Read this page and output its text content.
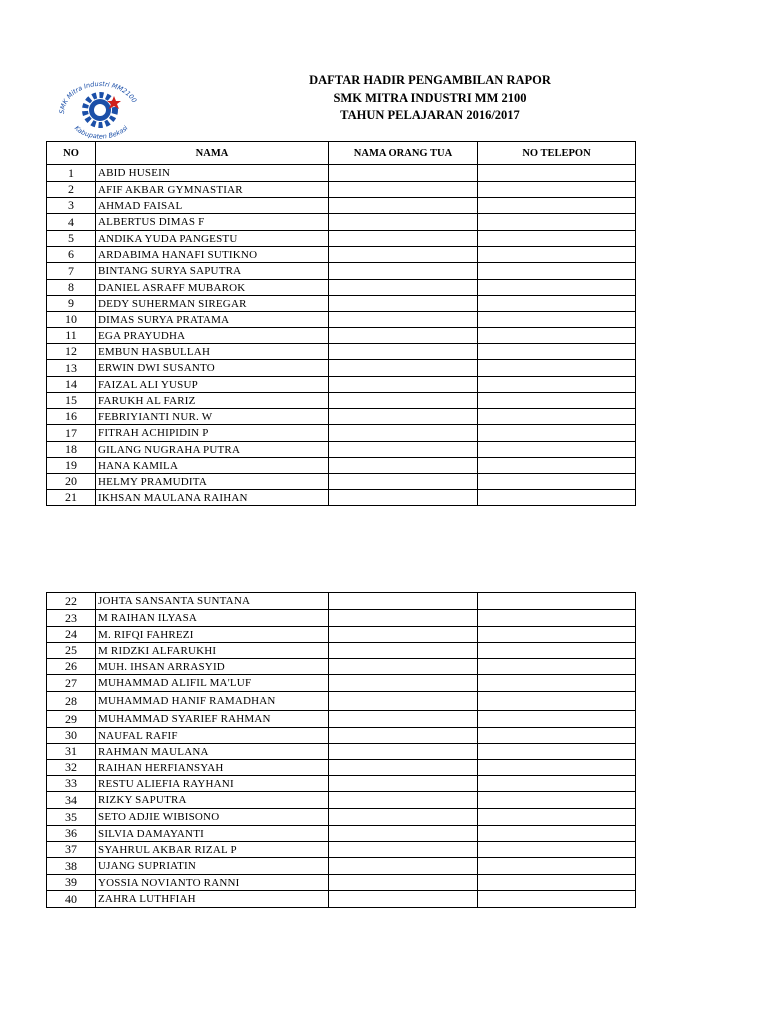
SMK Mitra Industri MM2100
Kabupaten Bekasi
DAFTAR HADIR PENGAMBILAN RAPOR
SMK MITRA INDUSTRI MM 2100
TAHUN PELAJARAN 2016/2017
NO	NAMA	NAMA ORANG TUA	NO TELEPON
1	ABID HUSEIN		
2	AFIF AKBAR GYMNASTIAR		
3	AHMAD FAISAL		
4	ALBERTUS DIMAS F		
5	ANDIKA YUDA PANGESTU		
6	ARDABIMA HANAFI SUTIKNO		
7	BINTANG SURYA SAPUTRA		
8	DANIEL ASRAFF MUBAROK		
9	DEDY SUHERMAN SIREGAR		
10	DIMAS SURYA PRATAMA		
11	EGA PRAYUDHA		
12	EMBUN HASBULLAH		
13	ERWIN DWI SUSANTO		
14	FAIZAL ALI YUSUP		
15	FARUKH AL FARIZ		
16	FEBRIYIANTI NUR. W		
17	FITRAH ACHIPIDIN P		
18	GILANG NUGRAHA PUTRA		
19	HANA KAMILA		
20	HELMY PRAMUDITA		
21	IKHSAN MAULANA RAIHAN		
22	JOHTA SANSANTA SUNTANA		
23	M RAIHAN ILYASA		
24	M. RIFQI FAHREZI		
25	M RIDZKI ALFARUKHI		
26	MUH. IHSAN ARRASYID		
27	MUHAMMAD ALIFIL MA'LUF		
28	MUHAMMAD HANIF RAMADHAN		
29	MUHAMMAD SYARIEF RAHMAN		
30	NAUFAL RAFIF		
31	RAHMAN MAULANA		
32	RAIHAN HERFIANSYAH		
33	RESTU ALIEFIA RAYHANI		
34	RIZKY SAPUTRA		
35	SETO ADJIE WIBISONO		
36	SILVIA DAMAYANTI		
37	SYAHRUL AKBAR RIZAL P		
38	UJANG SUPRIATIN		
39	YOSSIA NOVIANTO RANNI		
40	ZAHRA LUTHFIAH		
